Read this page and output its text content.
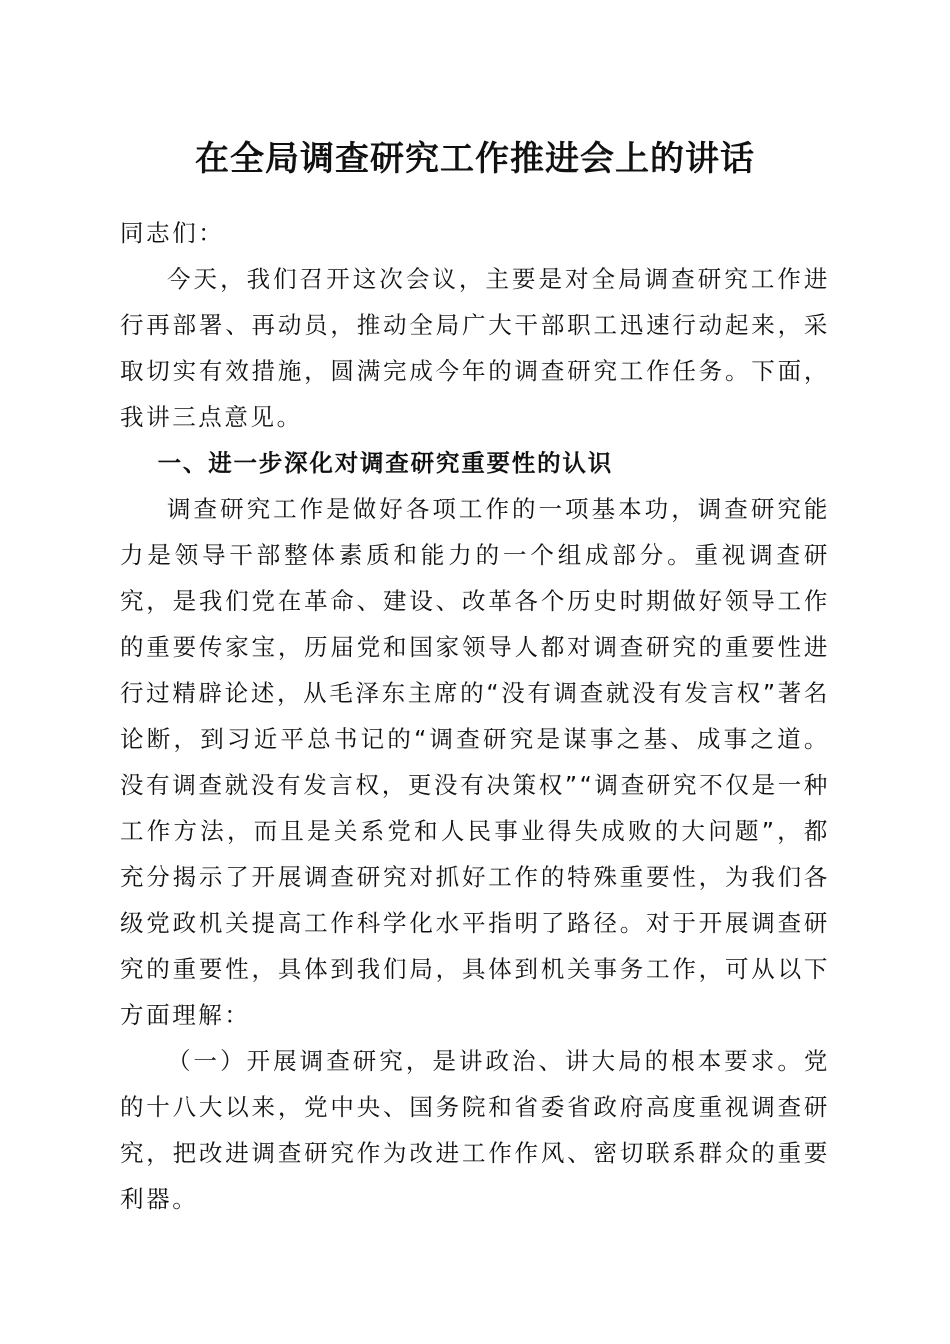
在全局调查研究工作推进会上的讲话

同志们：

今天，我们召开这次会议，主要是对全局调查研究工作进行再部署、再动员，推动全局广大干部职工迅速行动起来，采取切实有效措施，圆满完成今年的调查研究工作任务。下面，我讲三点意见。

一、进一步深化对调查研究重要性的认识

调查研究工作是做好各项工作的一项基本功，调查研究能力是领导干部整体素质和能力的一个组成部分。重视调查研究，是我们党在革命、建设、改革各个历史时期做好领导工作的重要传家宝，历届党和国家领导人都对调查研究的重要性进行过精辟论述，从毛泽东主席的“没有调查就没有发言权”著名论断，到习近平总书记的“调查研究是谋事之基、成事之道。没有调查就没有发言权，更没有决策权”“调查研究不仅是一种工作方法，而且是关系党和人民事业得失成败的大问题”，都充分揭示了开展调查研究对抓好工作的特殊重要性，为我们各级党政机关提高工作科学化水平指明了路径。对于开展调查研究的重要性，具体到我们局，具体到机关事务工作，可从以下方面理解：

（一）开展调查研究，是讲政治、讲大局的根本要求。党的十八大以来，党中央、国务院和省委省政府高度重视调查研究，把改进调查研究作为改进工作作风、密切联系群众的重要利器。
